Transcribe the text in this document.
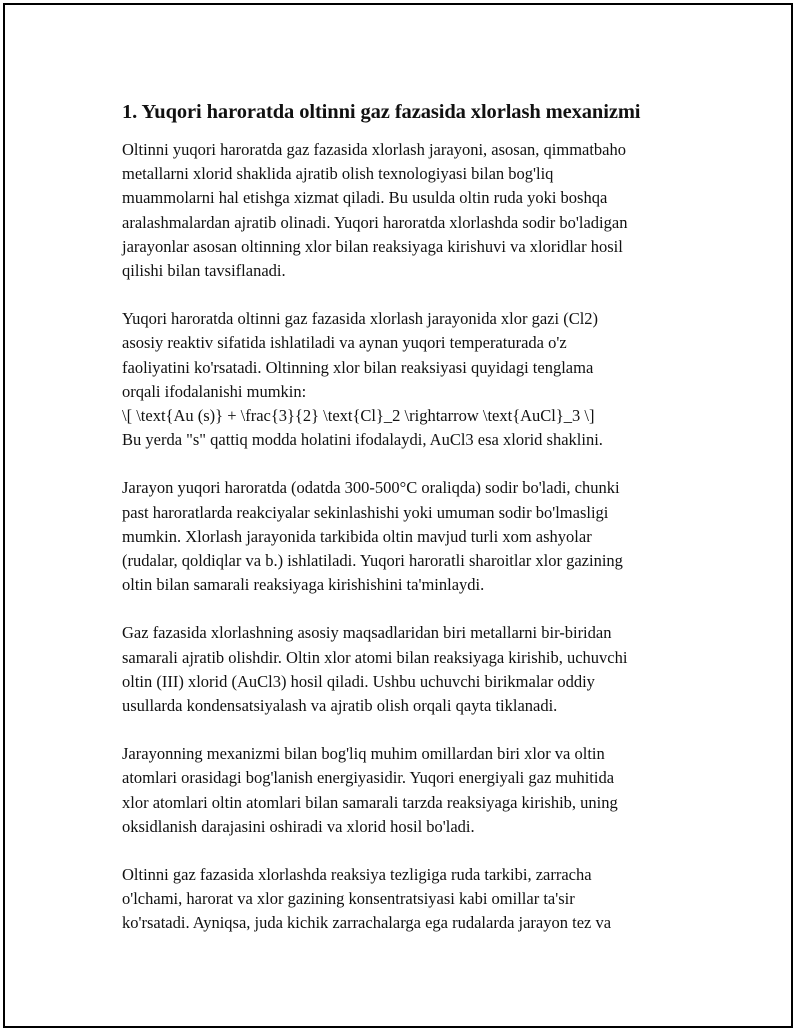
1. Yuqori haroratda oltinni gaz fazasida xlorlash mexanizmi

Oltinni yuqori haroratda gaz fazasida xlorlash jarayoni, asosan, qimmatbaho
metallarni xlorid shaklida ajratib olish texnologiyasi bilan bog'liq
muammolarni hal etishga xizmat qiladi. Bu usulda oltin ruda yoki boshqa
aralashmalardan ajratib olinadi. Yuqori haroratda xlorlashda sodir bo'ladigan
jarayonlar asosan oltinning xlor bilan reaksiyaga kirishuvi va xloridlar hosil
qilishi bilan tavsiflanadi.

Yuqori haroratda oltinni gaz fazasida xlorlash jarayonida xlor gazi (Cl2)
asosiy reaktiv sifatida ishlatiladi va aynan yuqori temperaturada o'z
faoliyatini ko'rsatadi. Oltinning xlor bilan reaksiyasi quyidagi tenglama
orqali ifodalanishi mumkin:
\[ \text{Au (s)} + \frac{3}{2} \text{Cl}_2 \rightarrow \text{AuCl}_3 \]
Bu yerda "s" qattiq modda holatini ifodalaydi, AuCl3 esa xlorid shaklini.

Jarayon yuqori haroratda (odatda 300-500°C oraliqda) sodir bo'ladi, chunki
past haroratlarda reakciyalar sekinlashishi yoki umuman sodir bo'lmasligi
mumkin. Xlorlash jarayonida tarkibida oltin mavjud turli xom ashyolar
(rudalar, qoldiqlar va b.) ishlatiladi. Yuqori haroratli sharoitlar xlor gazining
oltin bilan samarali reaksiyaga kirishishini ta'minlaydi.

Gaz fazasida xlorlashning asosiy maqsadlaridan biri metallarni bir-biridan
samarali ajratib olishdir. Oltin xlor atomi bilan reaksiyaga kirishib, uchuvchi
oltin (III) xlorid (AuCl3) hosil qiladi. Ushbu uchuvchi birikmalar oddiy
usullarda kondensatsiyalash va ajratib olish orqali qayta tiklanadi.

Jarayonning mexanizmi bilan bog'liq muhim omillardan biri xlor va oltin
atomlari orasidagi bog'lanish energiyasidir. Yuqori energiyali gaz muhitida
xlor atomlari oltin atomlari bilan samarali tarzda reaksiyaga kirishib, uning
oksidlanish darajasini oshiradi va xlorid hosil bo'ladi.

Oltinni gaz fazasida xlorlashda reaksiya tezligiga ruda tarkibi, zarracha
o'lchami, harorat va xlor gazining konsentratsiyasi kabi omillar ta'sir
ko'rsatadi. Ayniqsa, juda kichik zarrachalarga ega rudalarda jarayon tez va
